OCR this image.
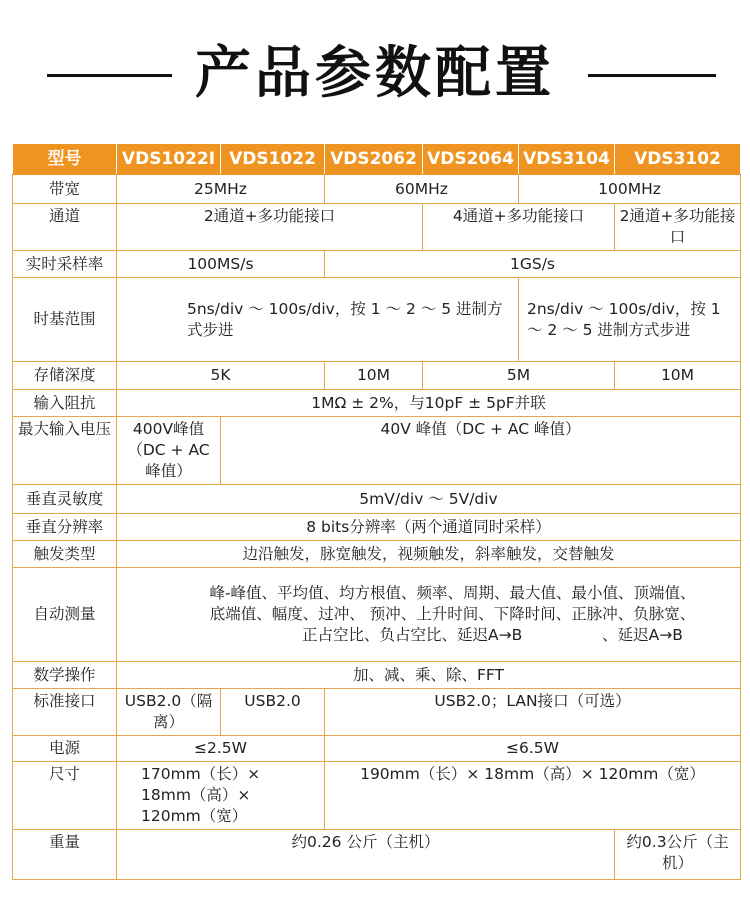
产品参数配置
型号	VDS1022I	VDS1022	VDS2062	VDS2064	VDS3104	VDS3102
带宽	25MHz		60MHz		100MHz	
通道	2通道+多功能接口			4通道+多功能接口		2通道+多功能接口
实时采样率	100MS/s		1GS/s			
时基范围	5ns/div ～ 100s/div，按 1 ～ 2 ～ 5 进制方式步进				2ns/div ～ 100s/div，按 1 ～ 2 ～ 5 进制方式步进	
存储深度	5K		10M	5M		10M
输入阻抗	1MΩ ± 2%，与10pF ± 5pF并联					
最大输入电压	400V峰值（DC + AC峰值）	40V 峰值（DC + AC 峰值）				
垂直灵敏度	5mV/div ～ 5V/div					
垂直分辨率	8 bits分辨率（两个通道同时采样）					
触发类型	边沿触发，脉宽触发，视频触发，斜率触发，交替触发					
自动测量	峰-峰值、平均值、均方根值、频率、周期、最大值、最小值、顶端值、
底端值、幅度、过冲、 预冲、上升时间、下降时间、正脉冲、负脉宽、
正占空比、负占空比、延迟A→B 、延迟A→B					

数学操作	加、减、乘、除、FFT					
标准接口	USB2.0（隔离）	USB2.0	USB2.0；LAN接口（可选）			
电源	≤2.5W		≤6.5W			
尺寸	170mm（长）× 18mm（高）× 120mm（宽）		190mm（长）× 18mm（高）× 120mm（宽）			
重量	约0.26 公斤（主机）					约0.3公斤（主机）
